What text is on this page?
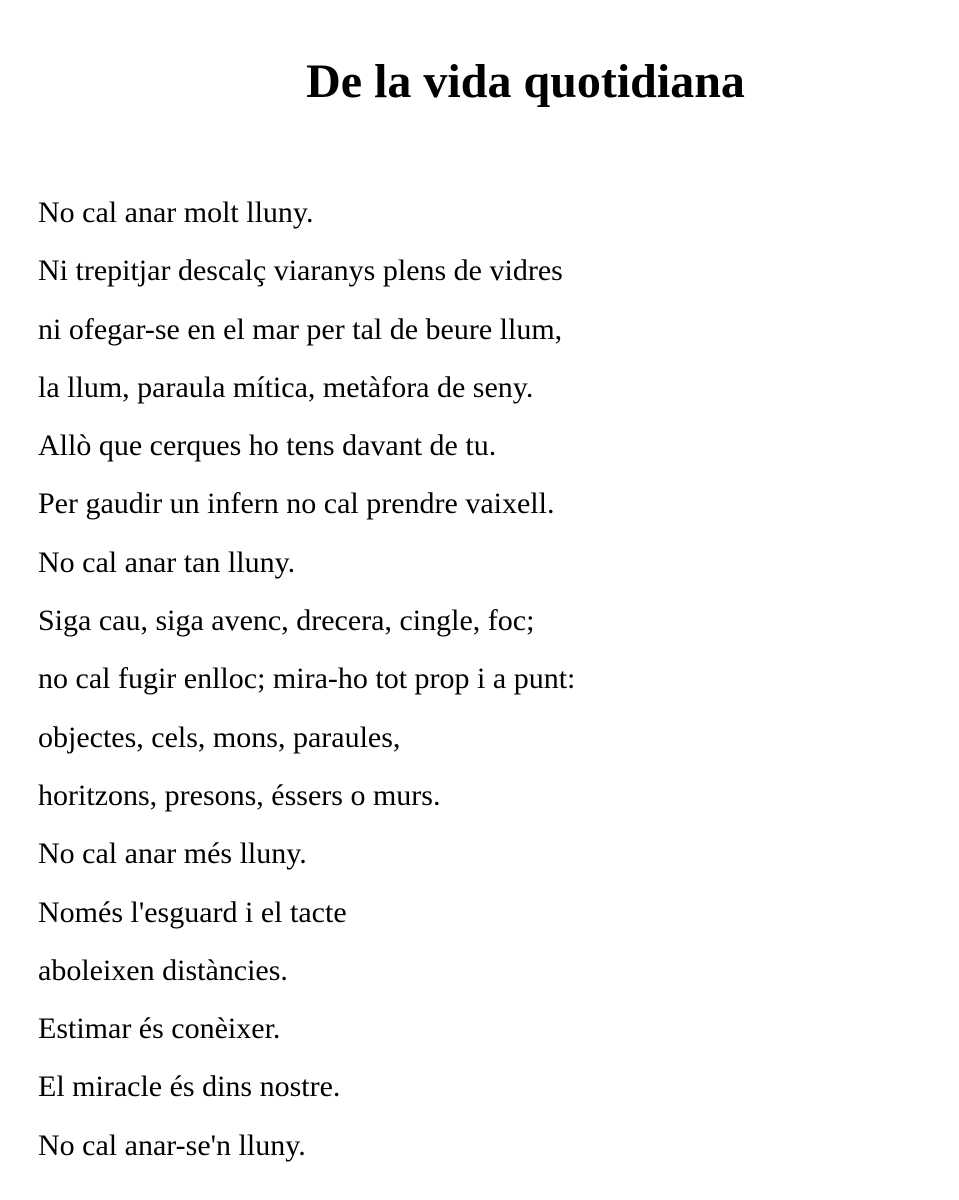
De la vida quotidiana
No cal anar molt lluny.
Ni trepitjar descalç viaranys plens de vidres
ni ofegar-se en el mar per tal de beure llum,
la llum, paraula mítica, metàfora de seny.
Allò que cerques ho tens davant de tu.
Per gaudir un infern no cal prendre vaixell.
No cal anar tan lluny.
Siga cau, siga avenc, drecera, cingle, foc;
no cal fugir enlloc; mira-ho tot prop i a punt:
objectes, cels, mons, paraules,
horitzons, presons, éssers o murs.
No cal anar més lluny.
Només l'esguard i el tacte
aboleixen distàncies.
Estimar és conèixer.
El miracle és dins nostre.
No cal anar-se'n lluny.
